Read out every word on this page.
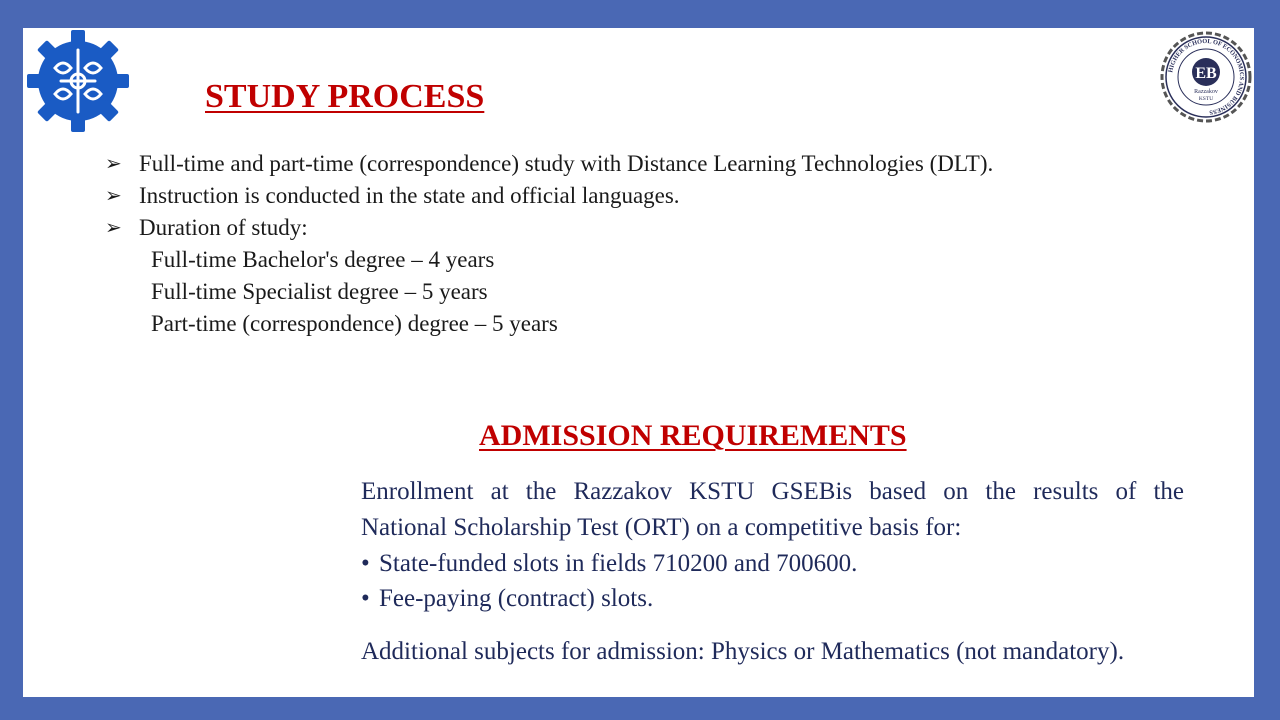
HIGHER SCHOOL OF ECONOMICS AND BUSINESS
EB
Razzakov
KSTU
STUDY PROCESS
➢ Full-time and part-time (correspondence) study with Distance Learning Technologies (DLT).
➢ Instruction is conducted in the state and official languages.
➢ Duration of study:
Full-time Bachelor's degree – 4 years
Full-time Specialist degree – 5 years
Part-time (correspondence) degree – 5 years
ADMISSION REQUIREMENTS

Enrollment at the Razzakov KSTU GSEBis based on the results of the

National Scholarship Test (ORT) on a competitive basis for:

• State-funded slots in fields 710200 and 700600.
• Fee-paying (contract) slots.

Additional subjects for admission: Physics or Mathematics (not mandatory).
